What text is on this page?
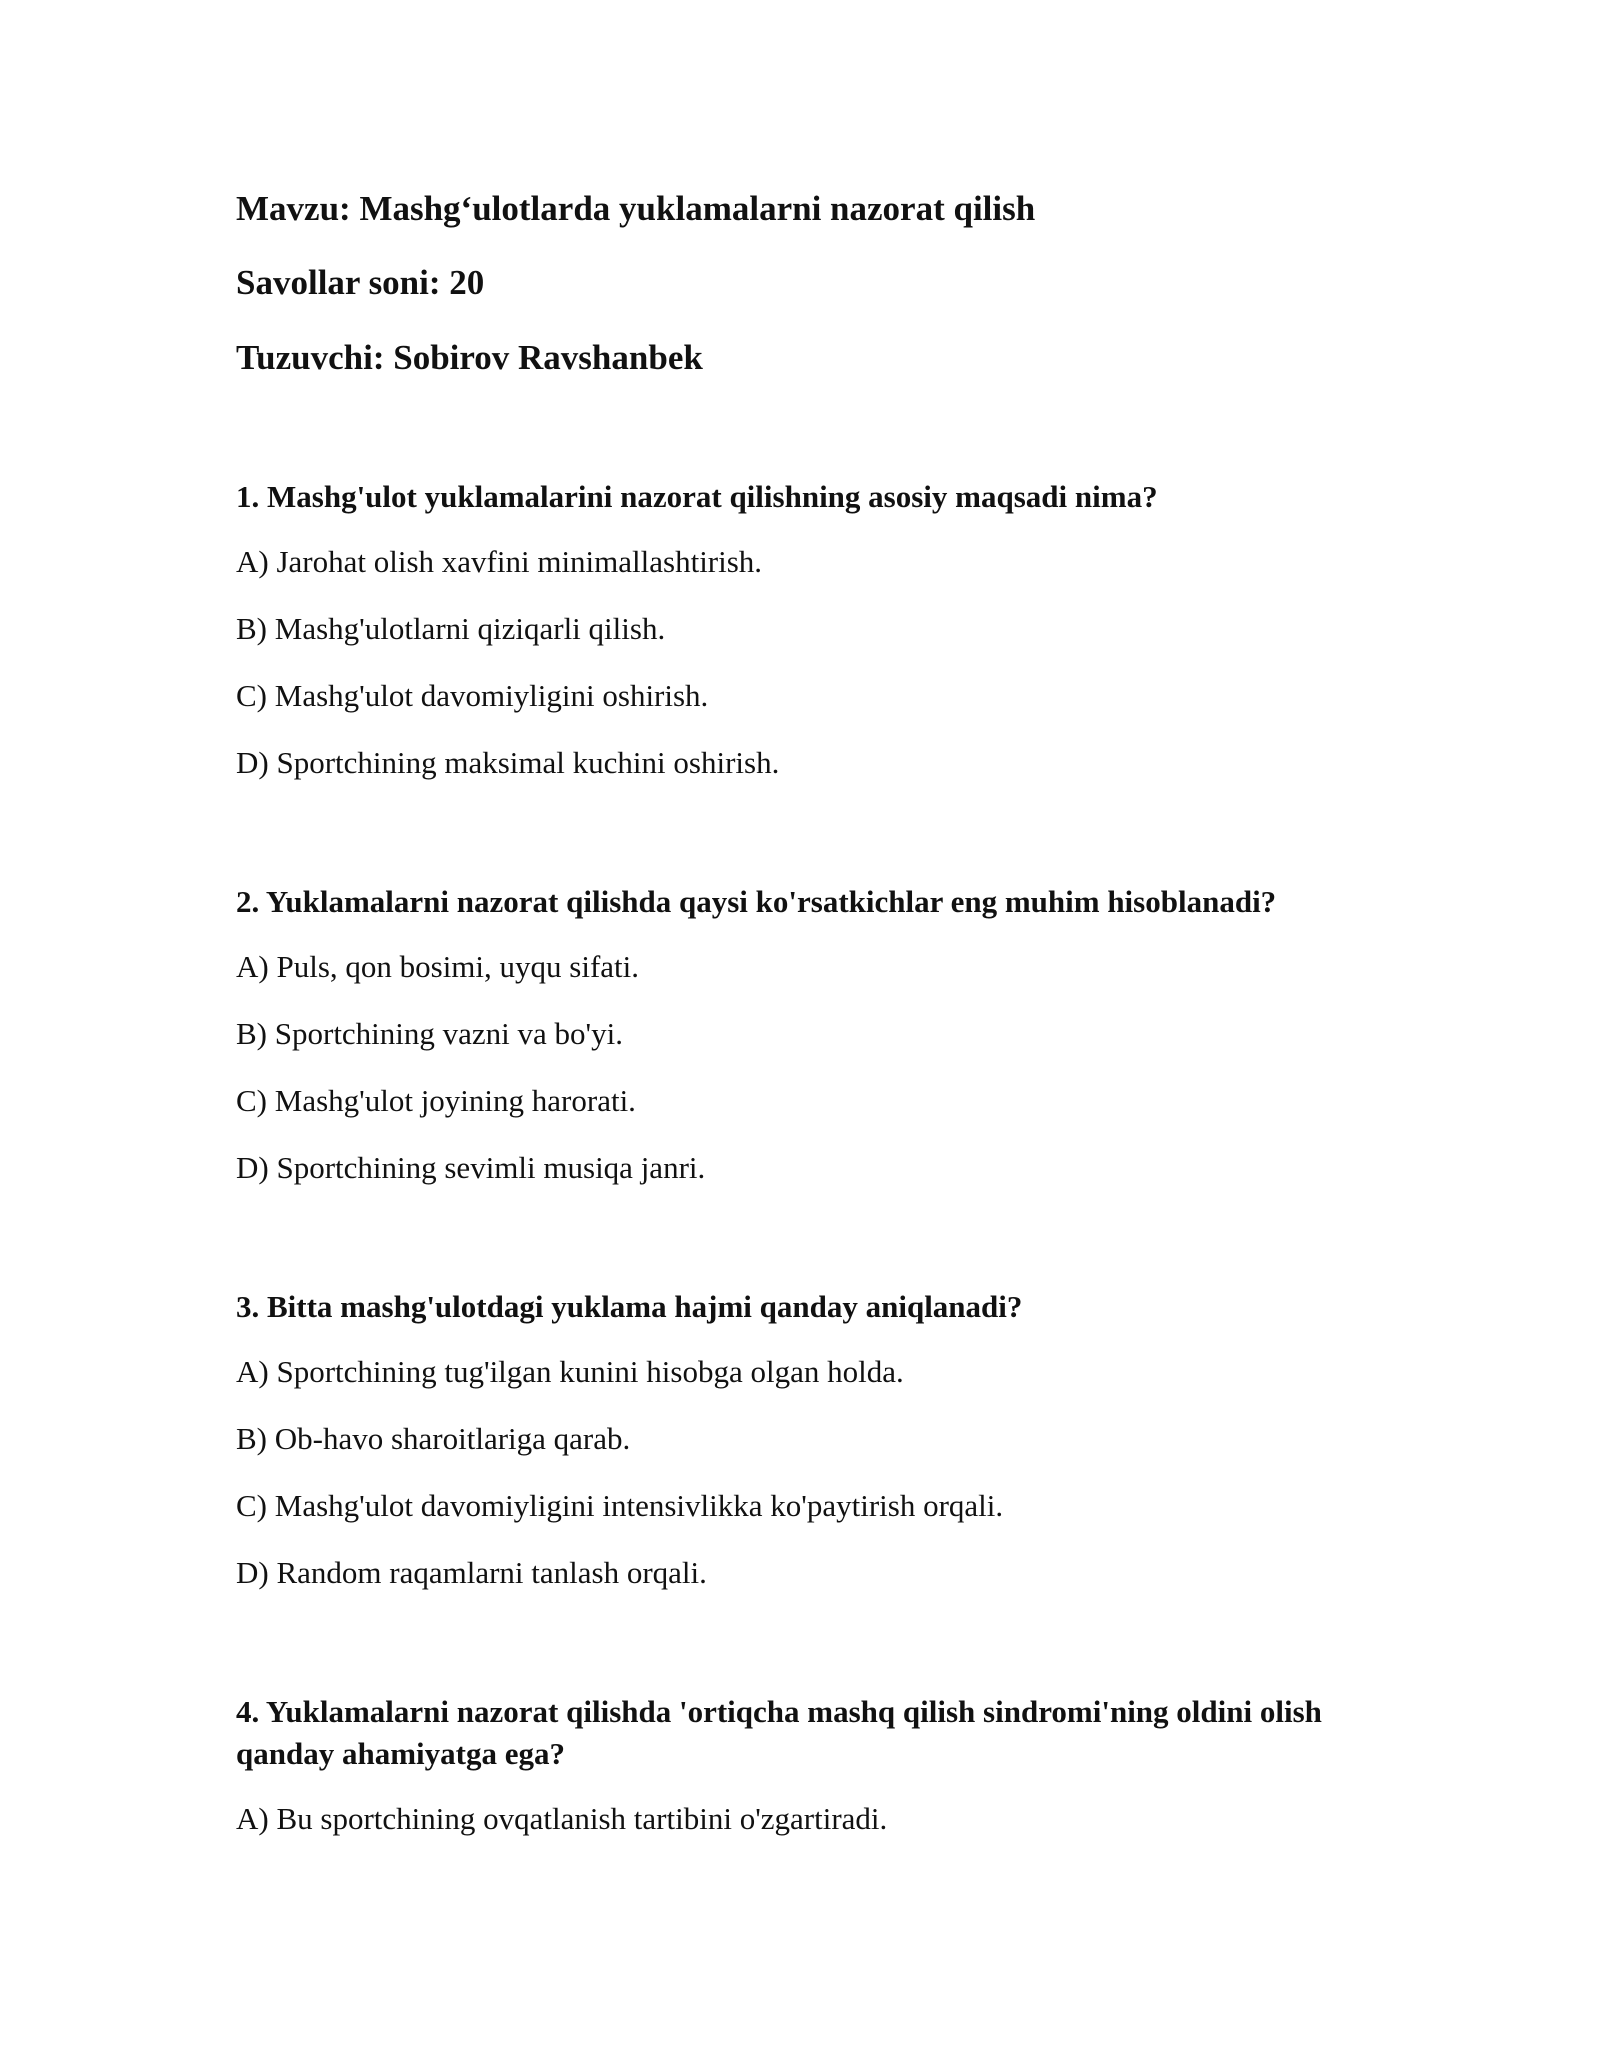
Mavzu: Mashg‘ulotlarda yuklamalarni nazorat qilish
Savollar soni: 20
Tuzuvchi: Sobirov Ravshanbek

1. Mashg'ulot yuklamalarini nazorat qilishning asosiy maqsadi nima?

A) Jarohat olish xavfini minimallashtirish.

B) Mashg'ulotlarni qiziqarli qilish.

C) Mashg'ulot davomiyligini oshirish.

D) Sportchining maksimal kuchini oshirish.

2. Yuklamalarni nazorat qilishda qaysi ko'rsatkichlar eng muhim hisoblanadi?

A) Puls, qon bosimi, uyqu sifati.

B) Sportchining vazni va bo'yi.

C) Mashg'ulot joyining harorati.

D) Sportchining sevimli musiqa janri.

3. Bitta mashg'ulotdagi yuklama hajmi qanday aniqlanadi?

A) Sportchining tug'ilgan kunini hisobga olgan holda.

B) Ob-havo sharoitlariga qarab.

C) Mashg'ulot davomiyligini intensivlikka ko'paytirish orqali.

D) Random raqamlarni tanlash orqali.

4. Yuklamalarni nazorat qilishda 'ortiqcha mashq qilish sindromi'ning oldini olish qanday ahamiyatga ega?

A) Bu sportchining ovqatlanish tartibini o'zgartiradi.
